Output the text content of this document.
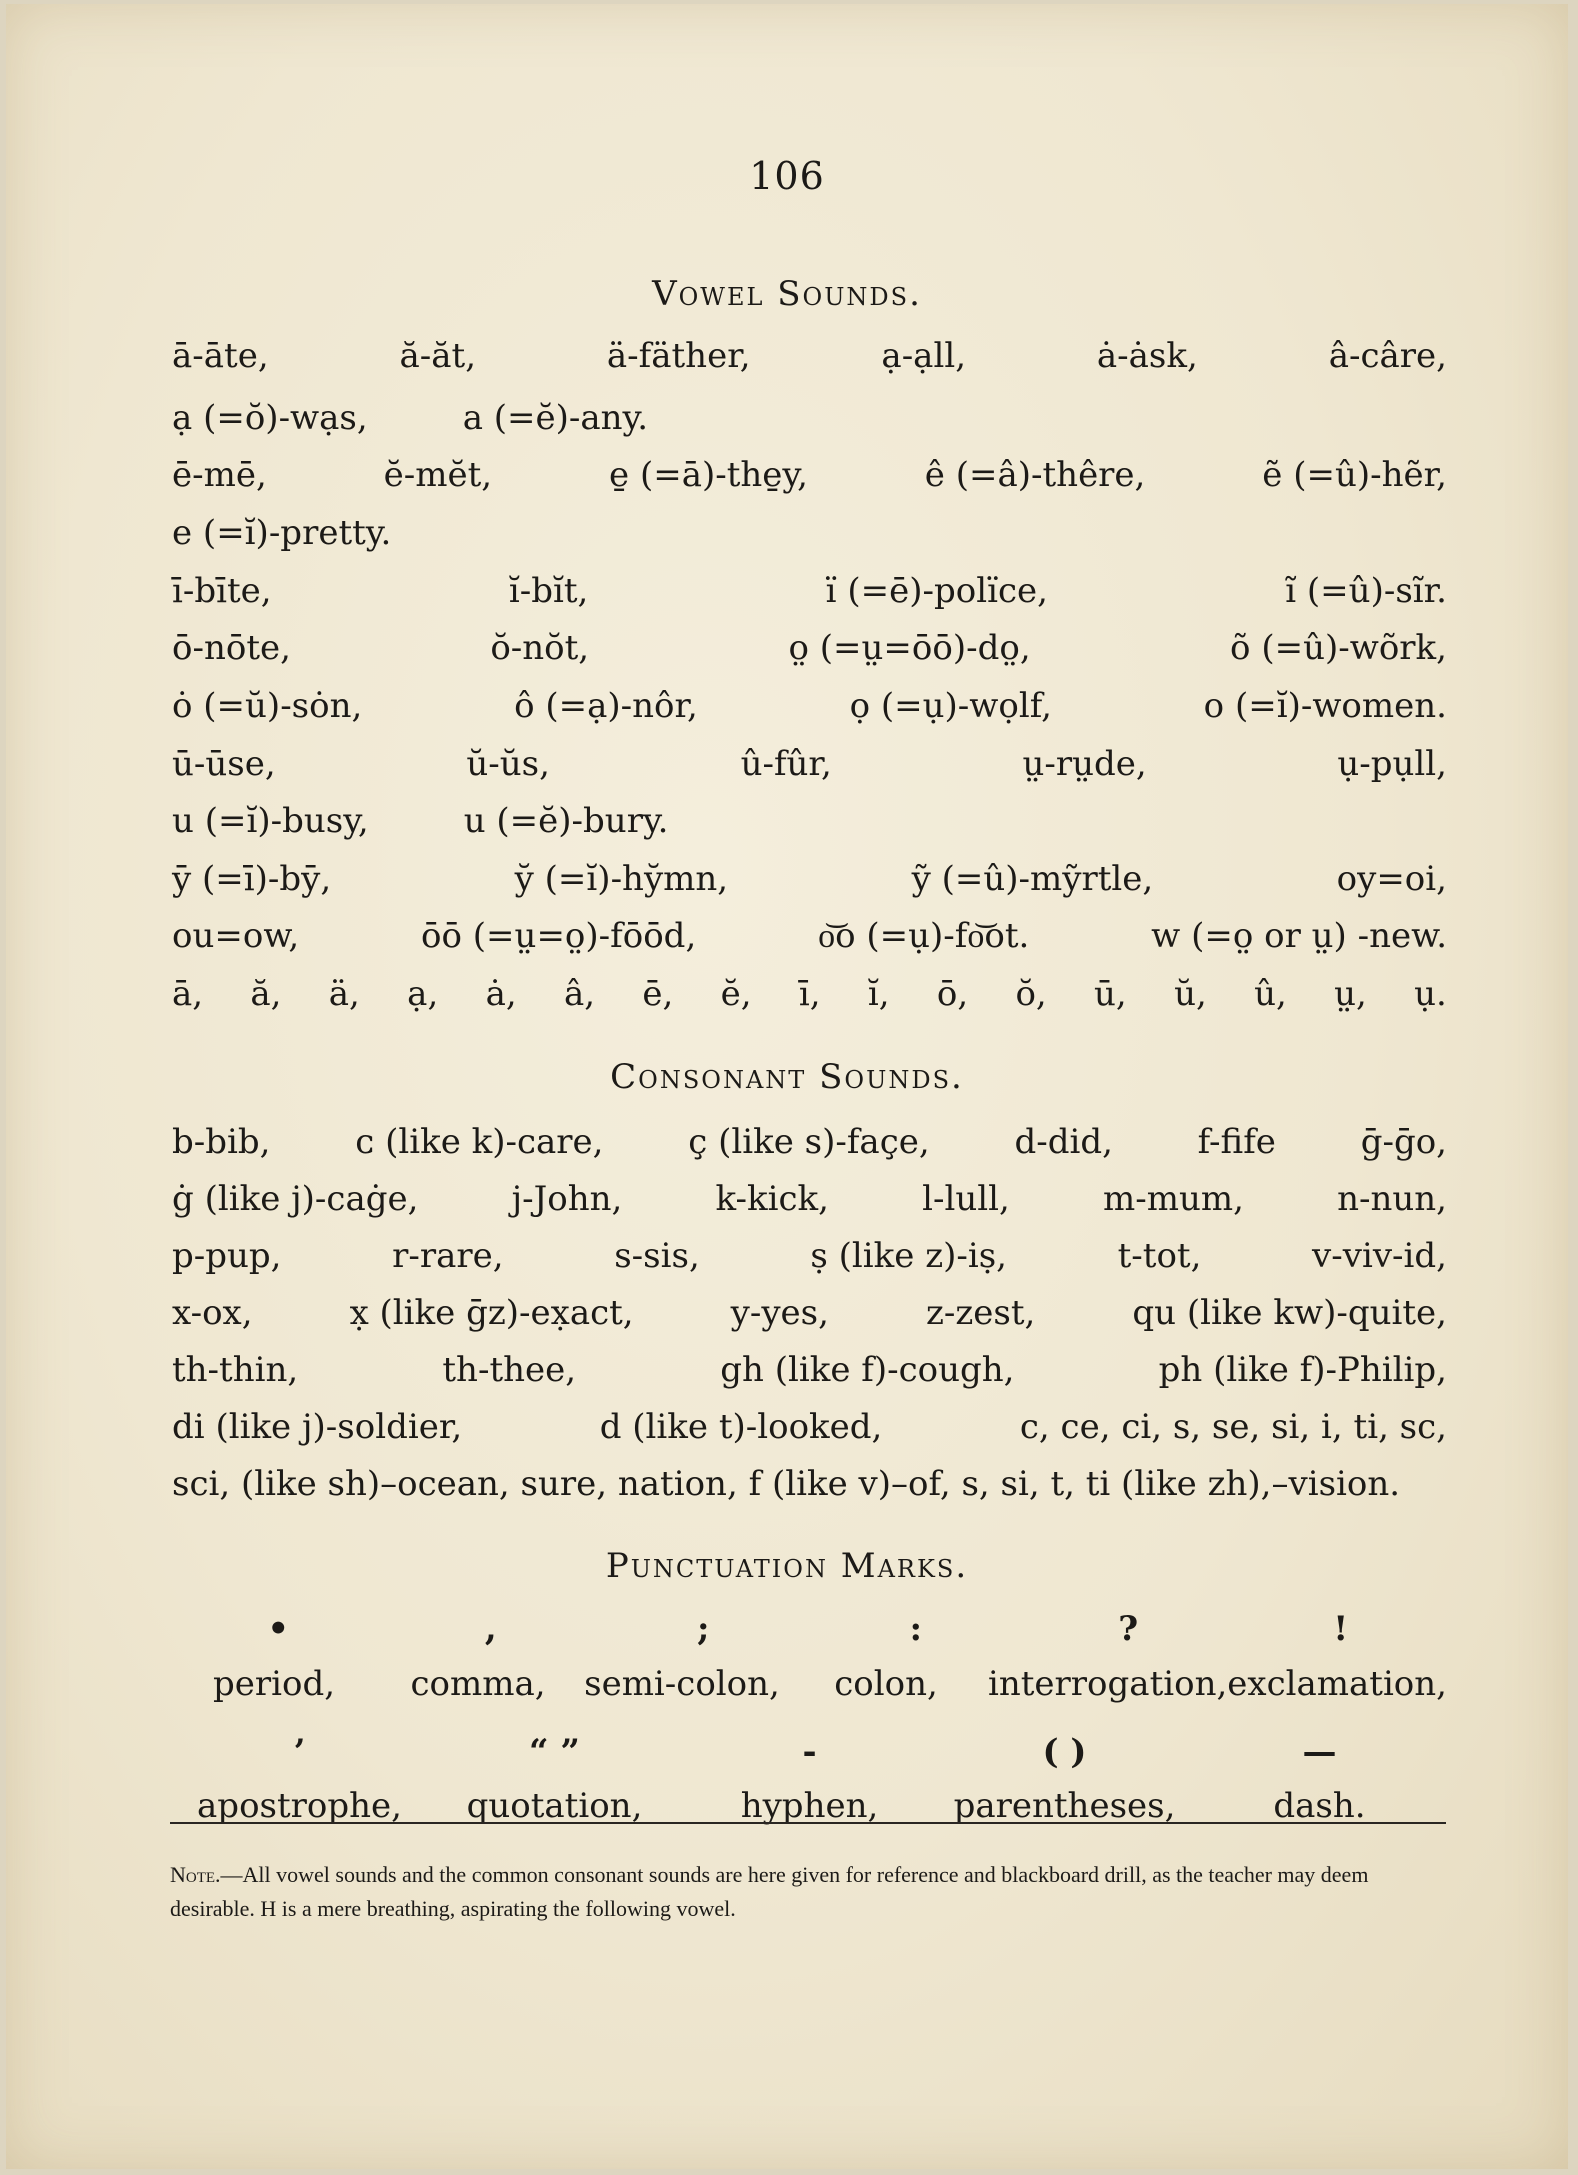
106
Vowel Sounds.
ā-āte,	ă-ăt,	ä-fäther,	ạ-ạll,	ȧ-ȧsk,	â-câre,
ạ (=ŏ)-wạs,	a (=ĕ)-any.
ē-mē,	ĕ-mĕt,	e̱ (=ā)-the̱y,	ê (=â)-thêre,	ẽ (=û)-hẽr,
e (=ĭ)-pretty.
ī-bīte,	ĭ-bĭt,	ï (=ē)-polïce,	ĩ (=û)-sĩr.
ō-nōte,	ŏ-nŏt,	o̤ (=ṳ=ōō)-do̤,	õ (=û)-wõrk,
ȯ (=ŭ)-sȯn,	ô (=ạ)-nôr,	ọ (=ụ)-wọlf,	o (=ĭ)-women.
ū-ūse,	ŭ-ŭs,	û-fûr,	ṳ-rṳde,	ụ-pụll,
u (=ĭ)-busy,	u (=ĕ)-bury.
ȳ (=ī)-bȳ,	y̆ (=ĭ)-hy̆mn,	ỹ (=û)-mỹrtle,	oy=oi,
ou=ow,	ōō (=ṳ=o̤)-fōōd,	o͝o (=ụ)-fo͝ot.	w (=o̤ or ṳ) -new.
ā, ă, ä, ạ, ȧ, â, ē, ĕ, ī, ĭ, ō, ŏ, ū, ŭ, û, ṳ, ụ.
Consonant Sounds.
b-bib, ᴄ (like k)-ᴄare, ç (like s)-façe, d-did, f-fife ḡ-ḡo,
ġ (like j)-caġe,	j-John,	k-kick,	l-lull,	m-mum,	n-nun,
p-pup,	r-rare,	s-sis,	ṣ (like z)-iṣ,	t-tot,	v-viv-id,
x-ox,	x̣ (like ḡz)-ex̣act,	y-yes,	z-zest,	qu (like kw)-quite,
th-thin,	th-thee,	gh (like f)-cough,	ph (like f)-Philip,
di (like j)-soldier,	d (like t)-looked,	c, ce, ci, s, se, si, i, ti, sc,
sci, (like sh)–ocean, sure, nation, f (like v)–of, s, si, t, ti (like zh),–vision.
Punctuation Marks.
•	,	;	:	?	!
period,	comma,	semi-colon,	colon,	interrogation, exclamation,
’	“ ”	-	( )	—
apostrophe,	quotation,	hyphen,	parentheses,	dash.
Note.—All vowel sounds and the common consonant sounds are here given for reference and blackboard drill, as the teacher may deem desirable. H is a mere breathing, aspirating the following vowel.
